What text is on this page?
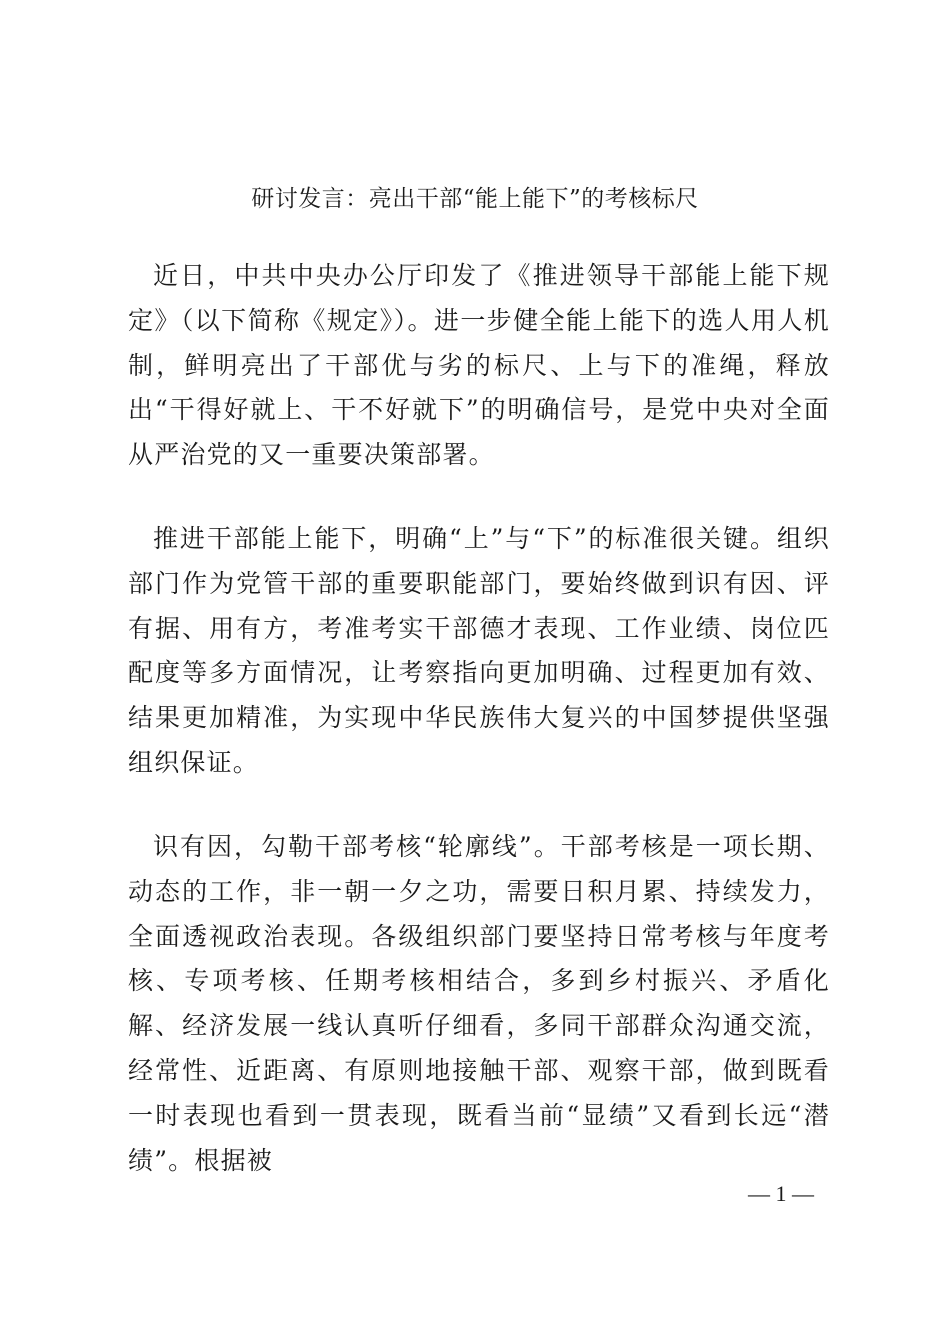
研讨发言：亮出干部“能上能下”的考核标尺

近日，中共中央办公厅印发了《推进领导干部能上能下规定》（以下简称《规定》）。进一步健全能上能下的选人用人机制，鲜明亮出了干部优与劣的标尺、上与下的准绳，释放出“干得好就上、干不好就下”的明确信号，是党中央对全面从严治党的又一重要决策部署。

推进干部能上能下，明确“上”与“下”的标准很关键。组织部门作为党管干部的重要职能部门，要始终做到识有因、评有据、用有方，考准考实干部德才表现、工作业绩、岗位匹配度等多方面情况，让考察指向更加明确、过程更加有效、结果更加精准，为实现中华民族伟大复兴的中国梦提供坚强组织保证。

识有因，勾勒干部考核“轮廓线”。干部考核是一项长期、动态的工作，非一朝一夕之功，需要日积月累、持续发力，全面透视政治表现。各级组织部门要坚持日常考核与年度考核、专项考核、任期考核相结合，多到乡村振兴、矛盾化解、经济发展一线认真听仔细看，多同干部群众沟通交流，经常性、近距离、有原则地接触干部、观察干部，做到既看一时表现也看到一贯表现，既看当前“显绩”又看到长远“潜绩”。根据被

— 1 —
